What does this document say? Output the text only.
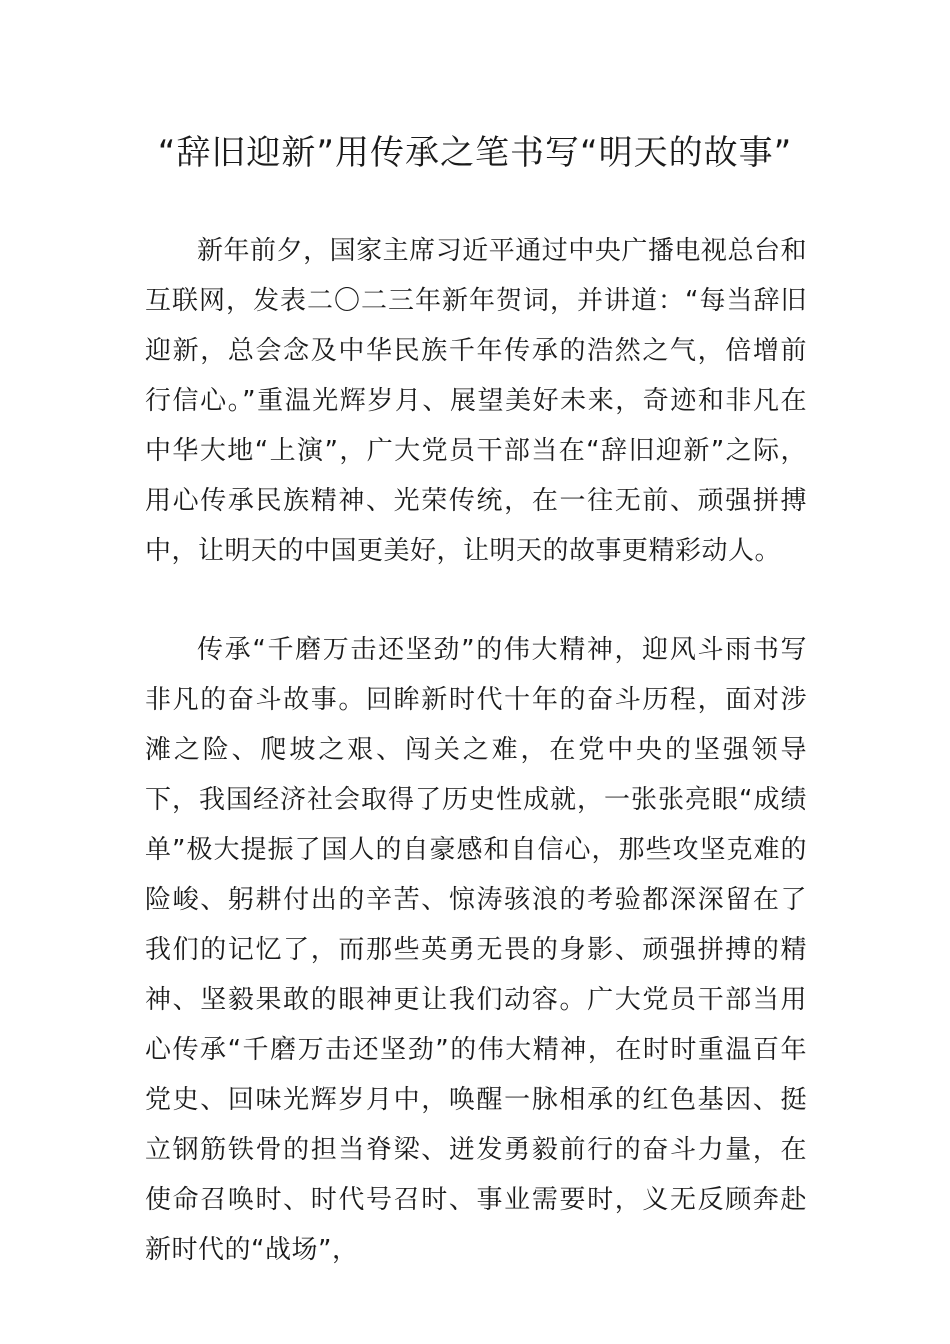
“辞旧迎新”用传承之笔书写“明天的故事”

新年前夕，国家主席习近平通过中央广播电视总台和互联网，发表二〇二三年新年贺词，并讲道：“每当辞旧迎新，总会念及中华民族千年传承的浩然之气，倍增前行信心。”重温光辉岁月、展望美好未来，奇迹和非凡在中华大地“上演”，广大党员干部当在“辞旧迎新”之际，用心传承民族精神、光荣传统，在一往无前、顽强拼搏中，让明天的中国更美好，让明天的故事更精彩动人。

传承“千磨万击还坚劲”的伟大精神，迎风斗雨书写非凡的奋斗故事。回眸新时代十年的奋斗历程，面对涉滩之险、爬坡之艰、闯关之难，在党中央的坚强领导下，我国经济社会取得了历史性成就，一张张亮眼“成绩单”极大提振了国人的自豪感和自信心，那些攻坚克难的险峻、躬耕付出的辛苦、惊涛骇浪的考验都深深留在了我们的记忆了，而那些英勇无畏的身影、顽强拼搏的精神、坚毅果敢的眼神更让我们动容。广大党员干部当用心传承“千磨万击还坚劲”的伟大精神，在时时重温百年党史、回味光辉岁月中，唤醒一脉相承的红色基因、挺立钢筋铁骨的担当脊梁、迸发勇毅前行的奋斗力量，在使命召唤时、时代号召时、事业需要时，义无反顾奔赴新时代的“战场”，
